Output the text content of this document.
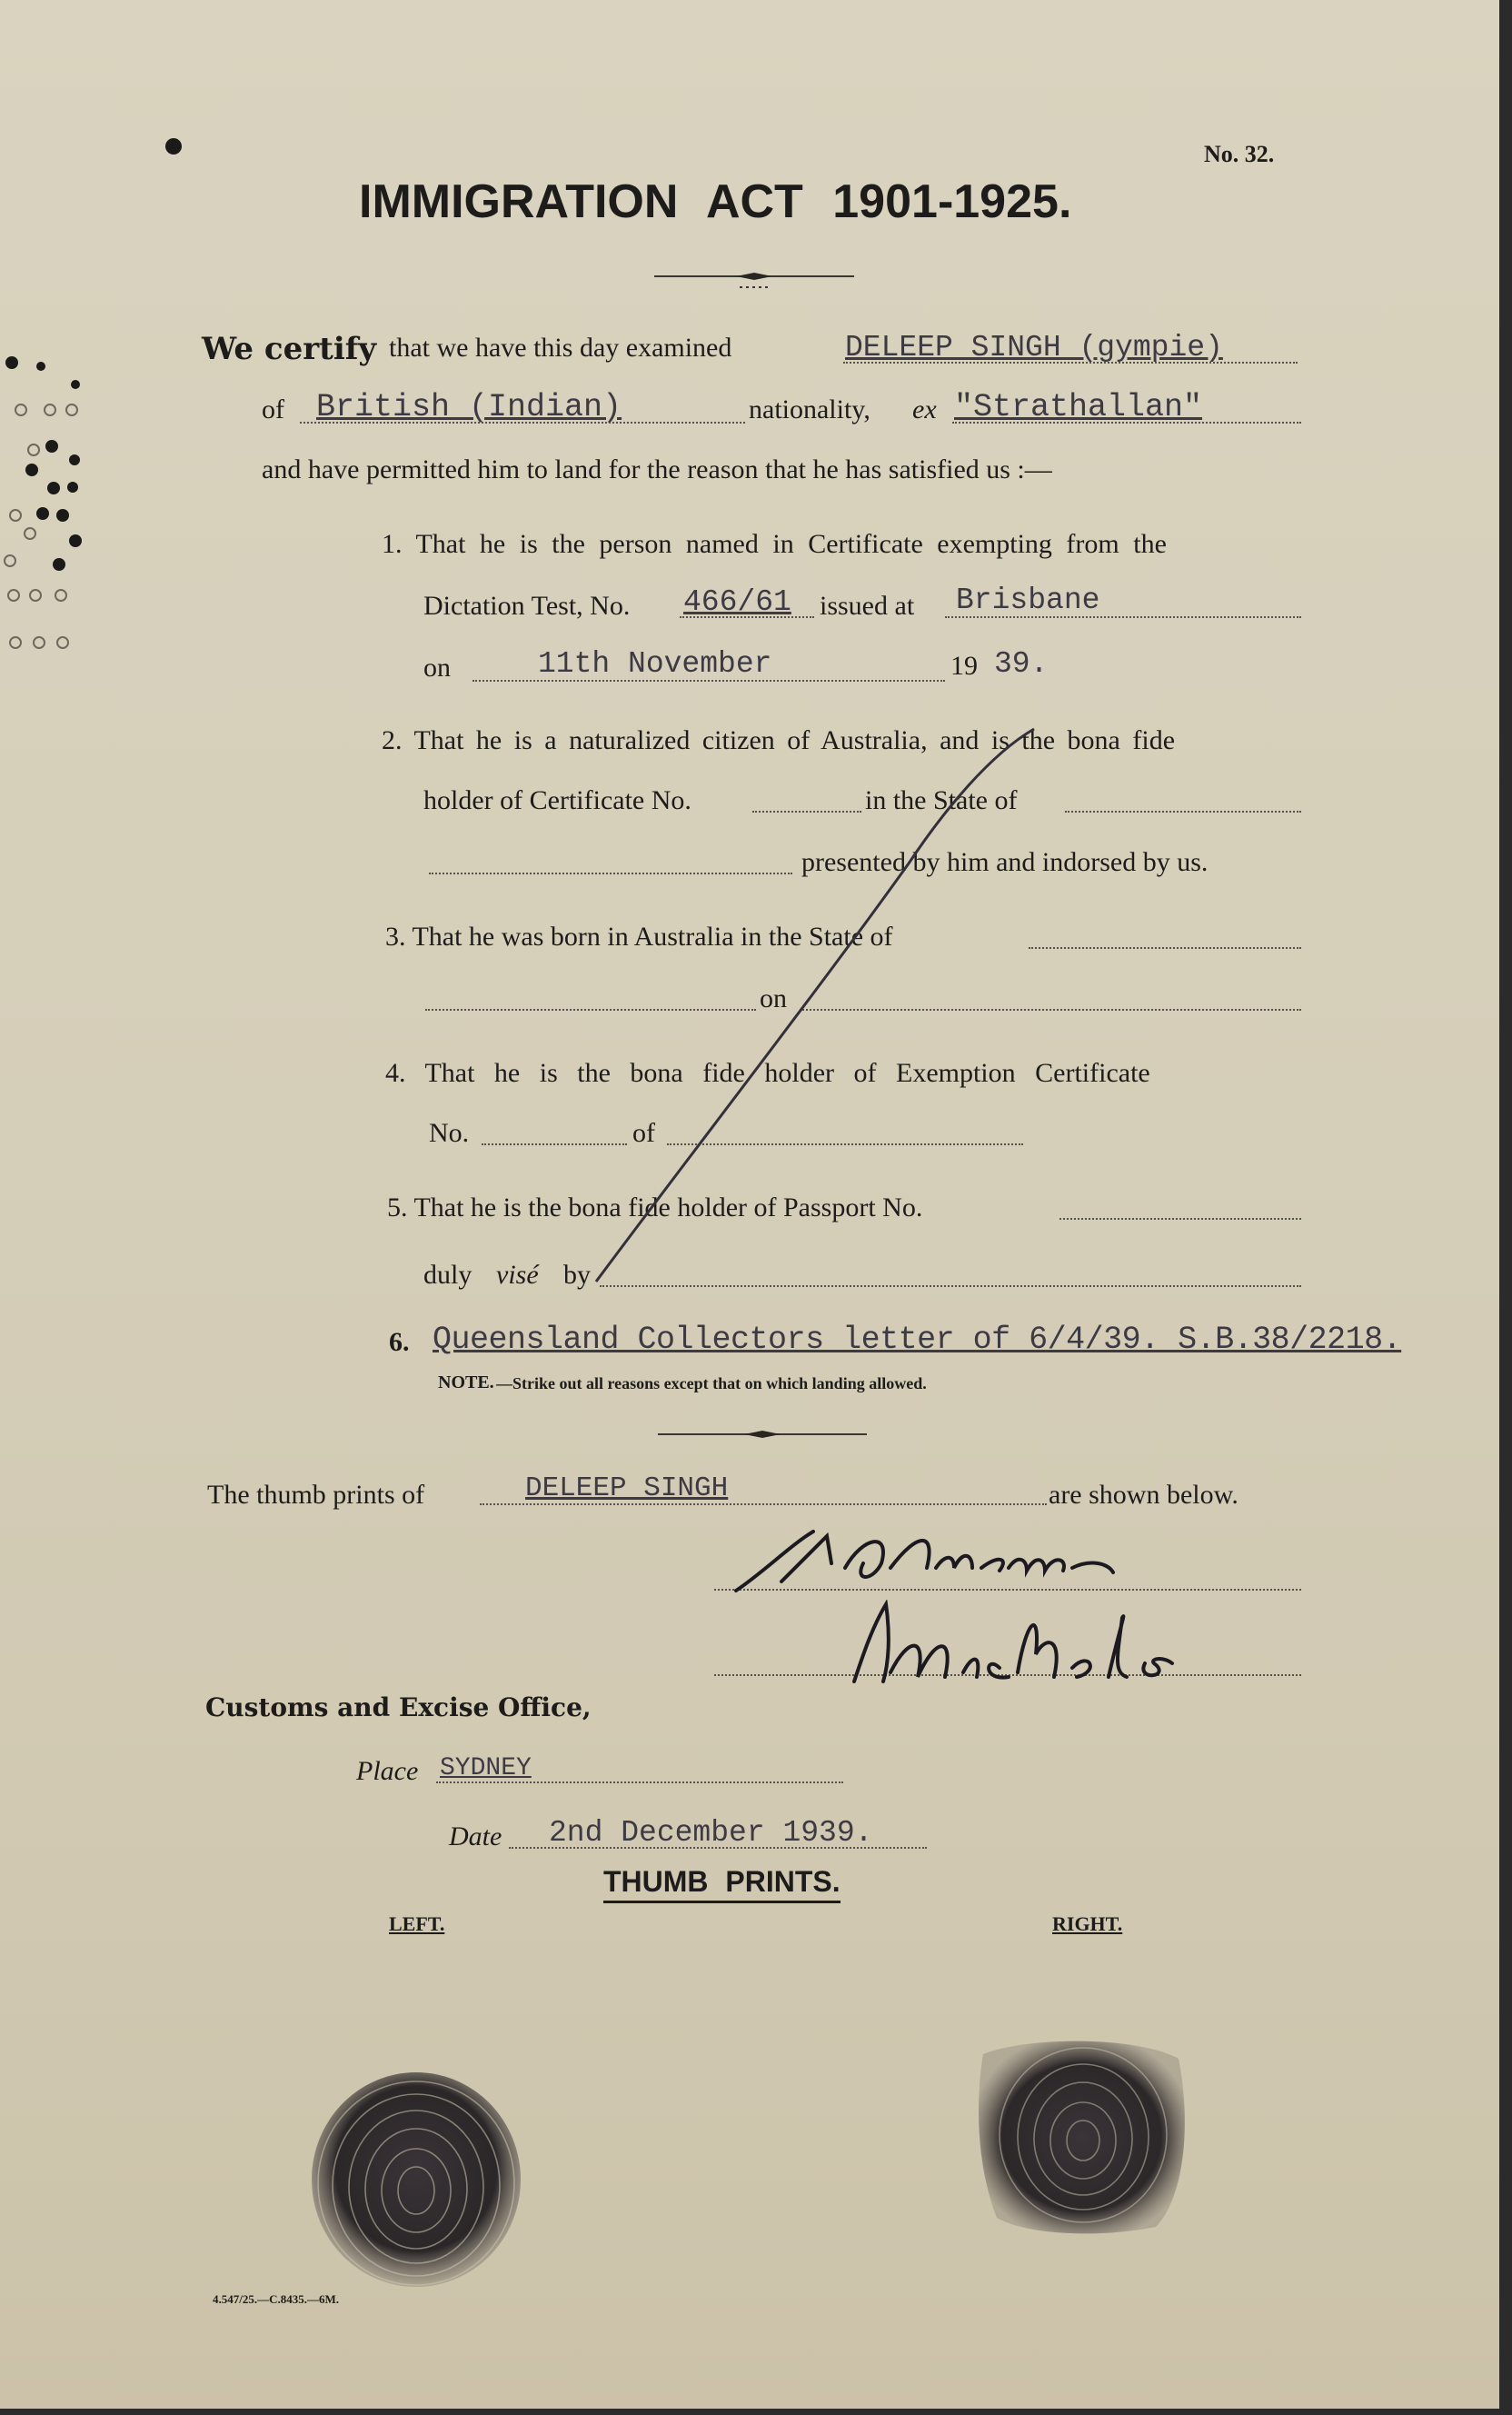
No. 32.
IMMIGRATION ACT 1901-1925.
We certify that we have this day examined	DELEEP SINGH (gympie)
of British (Indian)	nationality, ex "Strathallan"
and have permitted him to land for the reason that he has satisfied us :—
1. That he is the person named in Certificate exempting from the
Dictation Test, No. 466/61 issued at Brisbane
on	11th November	19 39.
2. That he is a naturalized citizen of Australia, and is the bona fide
holder of Certificate No.	in the State of
presented by him and indorsed by us.
3. That he was born in Australia in the State of
on
4. That he is the bona fide holder of Exemption Certificate
No.	of
5. That he is the bona fide holder of Passport No.
duly visé by
6. Queensland Collectors letter of 6/4/39. S.B.38/2218.
NOTE. —Strike out all reasons except that on which landing allowed.
The thumb prints of	DELEEP SINGH	are shown below.
Customs and Excise Office,
Place SYDNEY
Date 2nd December 1939.
THUMB PRINTS.
LEFT.	RIGHT.
4.547/25.—C.8435.—6M.
